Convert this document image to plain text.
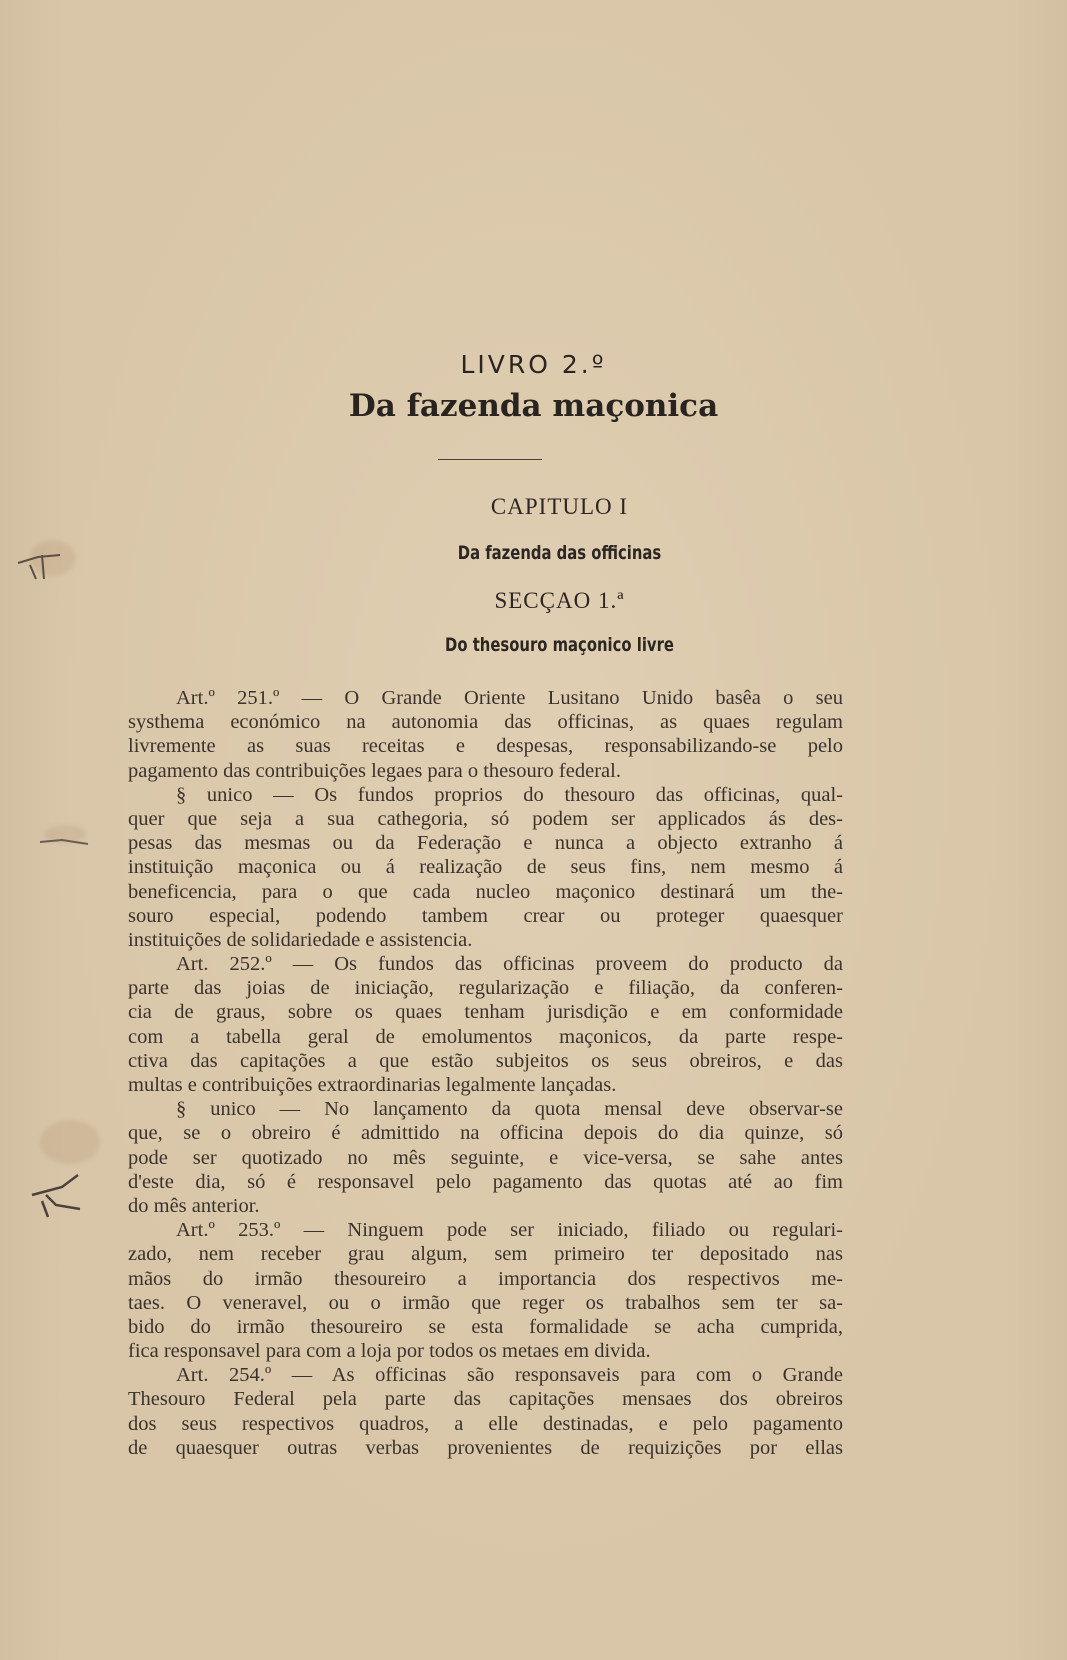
LIVRO 2.º
Da fazenda maçonica
CAPITULO I
Da fazenda das officinas
SECÇAO 1.ª
Do thesouro maçonico livre
Art.º 251.º — O Grande Oriente Lusitano Unido basêa o seu
systhema económico na autonomia das officinas, as quaes regulam
livremente as suas receitas e despesas, responsabilizando-se pelo
pagamento das contribuições legaes para o thesouro federal.
§ unico — Os fundos proprios do thesouro das officinas, qual-
quer que seja a sua cathegoria, só podem ser applicados ás des-
pesas das mesmas ou da Federação e nunca a objecto extranho á
instituição maçonica ou á realização de seus fins, nem mesmo á
beneficencia, para o que cada nucleo maçonico destinará um the-
souro especial, podendo tambem crear ou proteger quaesquer
instituições de solidariedade e assistencia.
Art. 252.º — Os fundos das officinas proveem do producto da
parte das joias de iniciação, regularização e filiação, da conferen-
cia de graus, sobre os quaes tenham jurisdição e em conformidade
com a tabella geral de emolumentos maçonicos, da parte respe-
ctiva das capitações a que estão subjeitos os seus obreiros, e das
multas e contribuições extraordinarias legalmente lançadas.
§ unico — No lançamento da quota mensal deve observar-se
que, se o obreiro é admittido na officina depois do dia quinze, só
pode ser quotizado no mês seguinte, e vice-versa, se sahe antes
d'este dia, só é responsavel pelo pagamento das quotas até ao fim
do mês anterior.
Art.º 253.º — Ninguem pode ser iniciado, filiado ou regulari-
zado, nem receber grau algum, sem primeiro ter depositado nas
mãos do irmão thesoureiro a importancia dos respectivos me-
taes. O veneravel, ou o irmão que reger os trabalhos sem ter sa-
bido do irmão thesoureiro se esta formalidade se acha cumprida,
fica responsavel para com a loja por todos os metaes em divida.
Art. 254.º — As officinas são responsaveis para com o Grande
Thesouro Federal pela parte das capitações mensaes dos obreiros
dos seus respectivos quadros, a elle destinadas, e pelo pagamento
de quaesquer outras verbas provenientes de requizições por ellas
